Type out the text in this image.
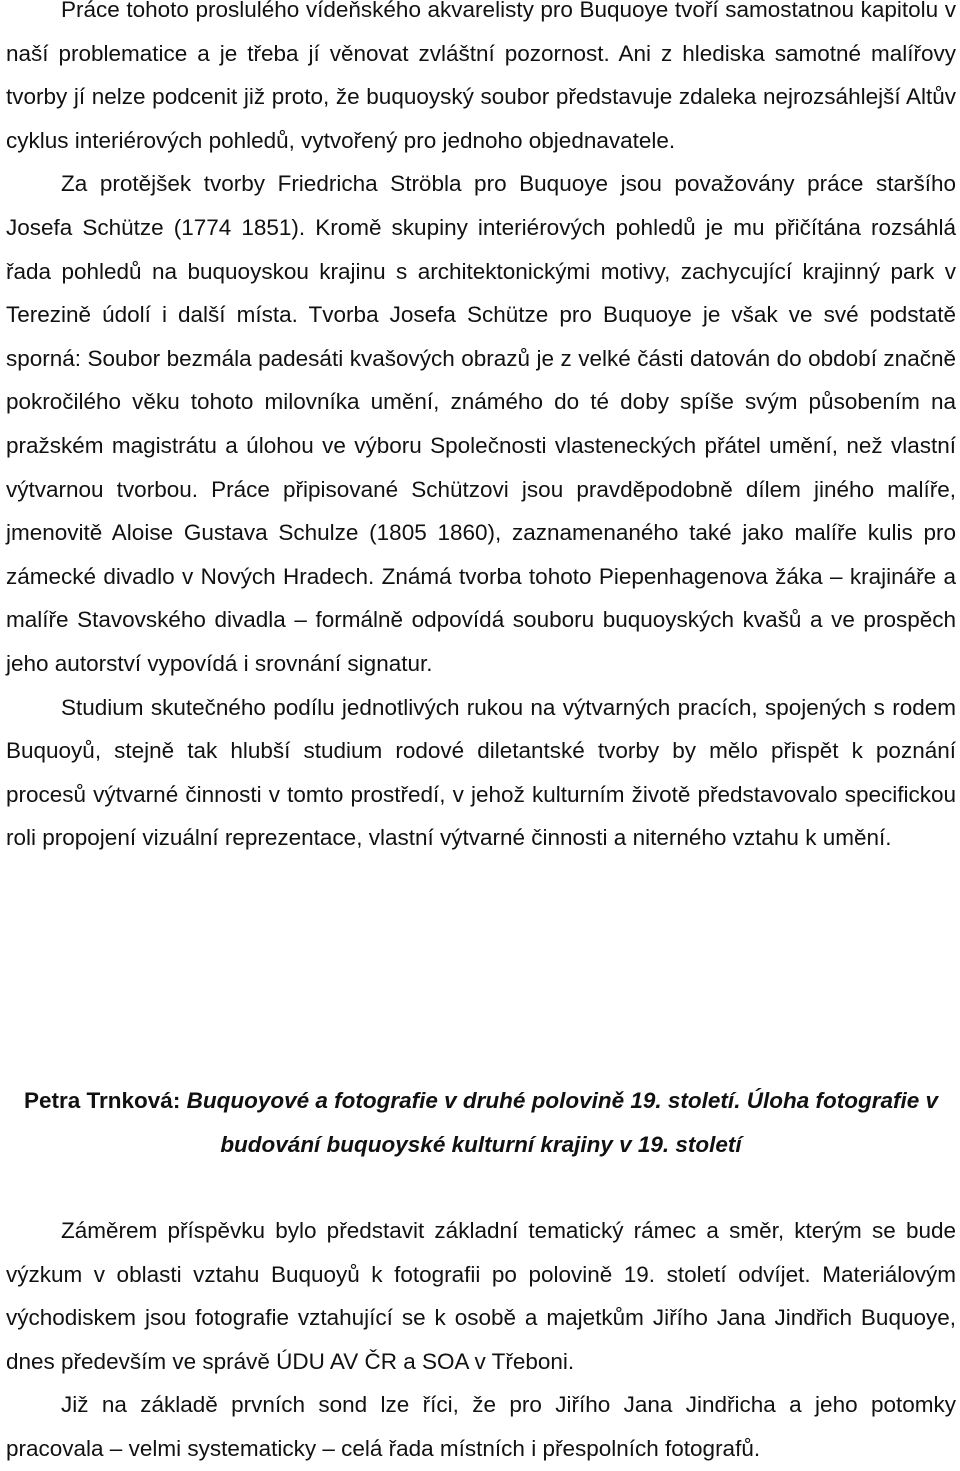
Práce tohoto proslulého vídeňského akvarelisty pro Buquoye tvoří samostatnou kapitolu v naší problematice a je třeba jí věnovat zvláštní pozornost. Ani z hlediska samotné malířovy tvorby jí nelze podcenit již proto, že buquoyský soubor představuje zdaleka nejrozsáhlejší Altův cyklus interiérových pohledů, vytvořený pro jednoho objednavatele.

Za protějšek tvorby Friedricha Ströbla pro Buquoye jsou považovány práce staršího Josefa Schütze (1774 1851). Kromě skupiny interiérových pohledů je mu přičítána rozsáhlá řada pohledů na buquoyskou krajinu s architektonickými motivy, zachycující krajinný park v Terezině údolí i další místa. Tvorba Josefa Schütze pro Buquoye je však ve své podstatě sporná: Soubor bezmála padesáti kvašových obrazů je z velké části datován do období značně pokročilého věku tohoto milovníka umění, známého do té doby spíše svým působením na pražském magistrátu a úlohou ve výboru Společnosti vlasteneckých přátel umění, než vlastní výtvarnou tvorbou. Práce připisované Schützovi jsou pravděpodobně dílem jiného malíře, jmenovitě Aloise Gustava Schulze (1805 1860), zaznamenaného také jako malíře kulis pro zámecké divadlo v Nových Hradech. Známá tvorba tohoto Piepenhagenova žáka – krajináře a malíře Stavovského divadla – formálně odpovídá souboru buquoyských kvašů a ve prospěch jeho autorství vypovídá i srovnání signatur.

Studium skutečného podílu jednotlivých rukou na výtvarných pracích, spojených s rodem Buquoyů, stejně tak hlubší studium rodové diletantské tvorby by mělo přispět k poznání procesů výtvarné činnosti v tomto prostředí, v jehož kulturním životě představovalo specifickou roli propojení vizuální reprezentace, vlastní výtvarné činnosti a niterného vztahu k umění.

Petra Trnková: Buquoyové a fotografie v druhé polovině 19. století. Úloha fotografie v budování buquoyské kulturní krajiny v 19. století

Záměrem příspěvku bylo představit základní tematický rámec a směr, kterým se bude výzkum v oblasti vztahu Buquoyů k fotografii po polovině 19. století odvíjet. Materiálovým východiskem jsou fotografie vztahující se k osobě a majetkům Jiřího Jana Jindřich Buquoye, dnes především ve správě ÚDU AV ČR a SOA v Třeboni.

Již na základě prvních sond lze říci, že pro Jiřího Jana Jindřicha a jeho potomky pracovala – velmi systematicky – celá řada místních i přespolních fotografů.
